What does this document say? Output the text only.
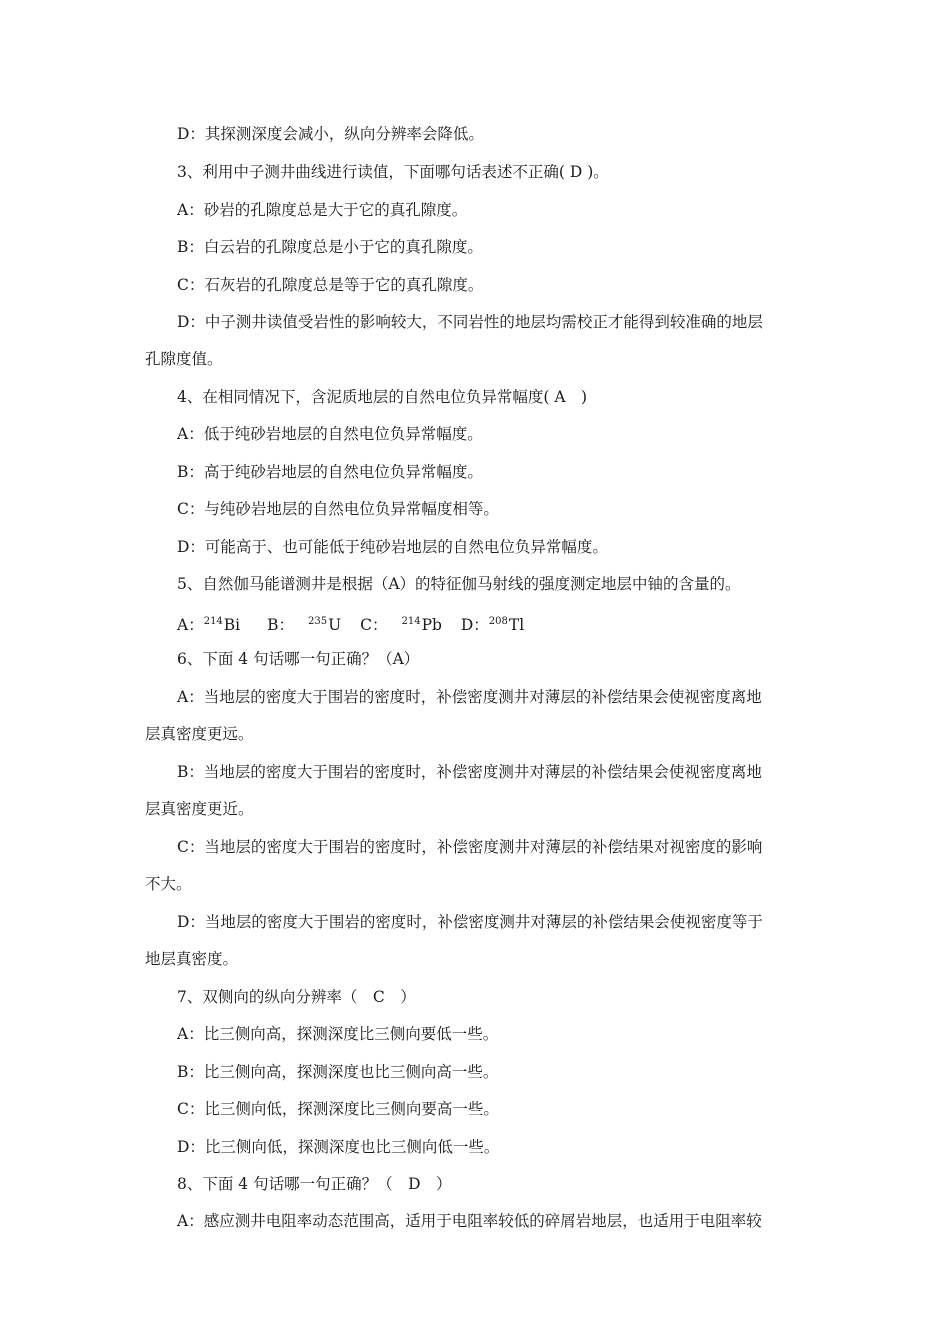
D：其探测深度会减小，纵向分辨率会降低。
3、利用中子测井曲线进行读值，下面哪句话表述不正确( D )。
A：砂岩的孔隙度总是大于它的真孔隙度。
B：白云岩的孔隙度总是小于它的真孔隙度。
C：石灰岩的孔隙度总是等于它的真孔隙度。
D：中子测井读值受岩性的影响较大，不同岩性的地层均需校正才能得到较准确的地层
孔隙度值。
4、在相同情况下，含泥质地层的自然电位负异常幅度( A　)
A：低于纯砂岩地层的自然电位负异常幅度。
B：高于纯砂岩地层的自然电位负异常幅度。
C：与纯砂岩地层的自然电位负异常幅度相等。
D：可能高于、也可能低于纯砂岩地层的自然电位负异常幅度。
5、自然伽马能谱测井是根据（A）的特征伽马射线的强度测定地层中铀的含量的。
A：$^{214}$Bi B： $^{235}$U C： $^{214}$Pb D：$^{208}$Tl
6、下面 4 句话哪一句正确？（A）
A：当地层的密度大于围岩的密度时，补偿密度测井对薄层的补偿结果会使视密度离地
层真密度更远。
B：当地层的密度大于围岩的密度时，补偿密度测井对薄层的补偿结果会使视密度离地
层真密度更近。
C：当地层的密度大于围岩的密度时，补偿密度测井对薄层的补偿结果对视密度的影响
不大。
D：当地层的密度大于围岩的密度时，补偿密度测井对薄层的补偿结果会使视密度等于
地层真密度。
7、双侧向的纵向分辨率（　C　）
A：比三侧向高，探测深度比三侧向要低一些。
B：比三侧向高，探测深度也比三侧向高一些。
C：比三侧向低，探测深度比三侧向要高一些。
D：比三侧向低，探测深度也比三侧向低一些。
8、下面 4 句话哪一句正确？（　D　）
A：感应测井电阻率动态范围高，适用于电阻率较低的碎屑岩地层，也适用于电阻率较
